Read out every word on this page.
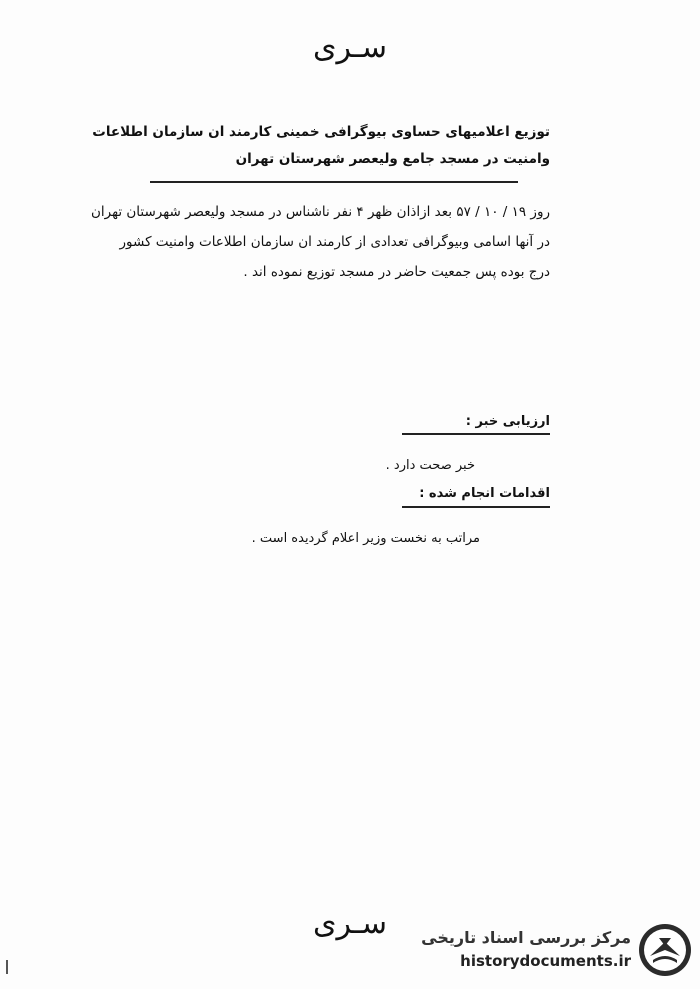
سـری
توزیع اعلامیهای حساوی بیوگرافی خمینی کارمند ان سازمان اطلاعات
وامنیت در مسجد جامع ولیعصر شهرستان تهران
روز ۱۹ / ۱۰ / ۵۷ بعد ازاذان ظهر ۴ نفر ناشناس در مسجد ولیعصر شهرستان تهران
در آنها اسامی وبیوگرافی تعدادی از کارمند ان سازمان اطلاعات وامنیت کشور
درج بوده پس جمعیت حاضر در مسجد توزیع نموده اند .
ارزیابی خبر :
خبر صحت دارد .
اقدامات انجام شده :
مراتب به نخست وزیر اعلام گردیده است .
سـری	مرکز بررسی اسناد تاریخی
historydocuments.ir
